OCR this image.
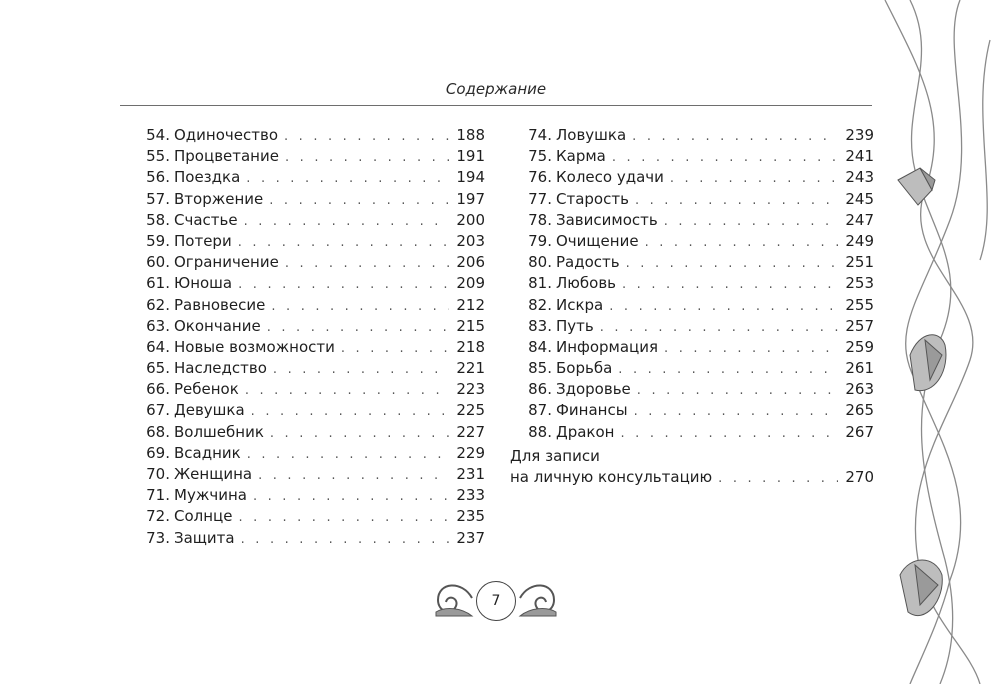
Содержание
54. Одиночество . . .	188
55. Процветание . . .	191
56. Поездка . . .	194
57. Вторжение . . .	197
58. Счастье . . .	200
59. Потери . . .	203
60. Ограничение . . .	206
61. Юноша . . .	209
62. Равновесие . . .	212
63. Окончание . . .	215
64. Новые возможности . . .	218
65. Наследство . . .	221
66. Ребенок . . .	223
67. Девушка . . .	225
68. Волшебник . . .	227
69. Всадник . . .	229
70. Женщина . . .	231
71. Мужчина . . .	233
72. Солнце . . .	235
73. Защита . . .	237
74. Ловушка . . .	239
75. Карма . . .	241
76. Колесо удачи . . .	243
77. Старость . . .	245
78. Зависимость . . .	247
79. Очищение . . .	249
80. Радость . . .	251
81. Любовь . . .	253
82. Искра . . .	255
83. Путь . . .	257
84. Информация . . .	259
85. Борьба . . .	261
86. Здоровье . . .	263
87. Финансы . . .	265
88. Дракон . . .	267
Для записи
на личную консультацию . . .	270
7
